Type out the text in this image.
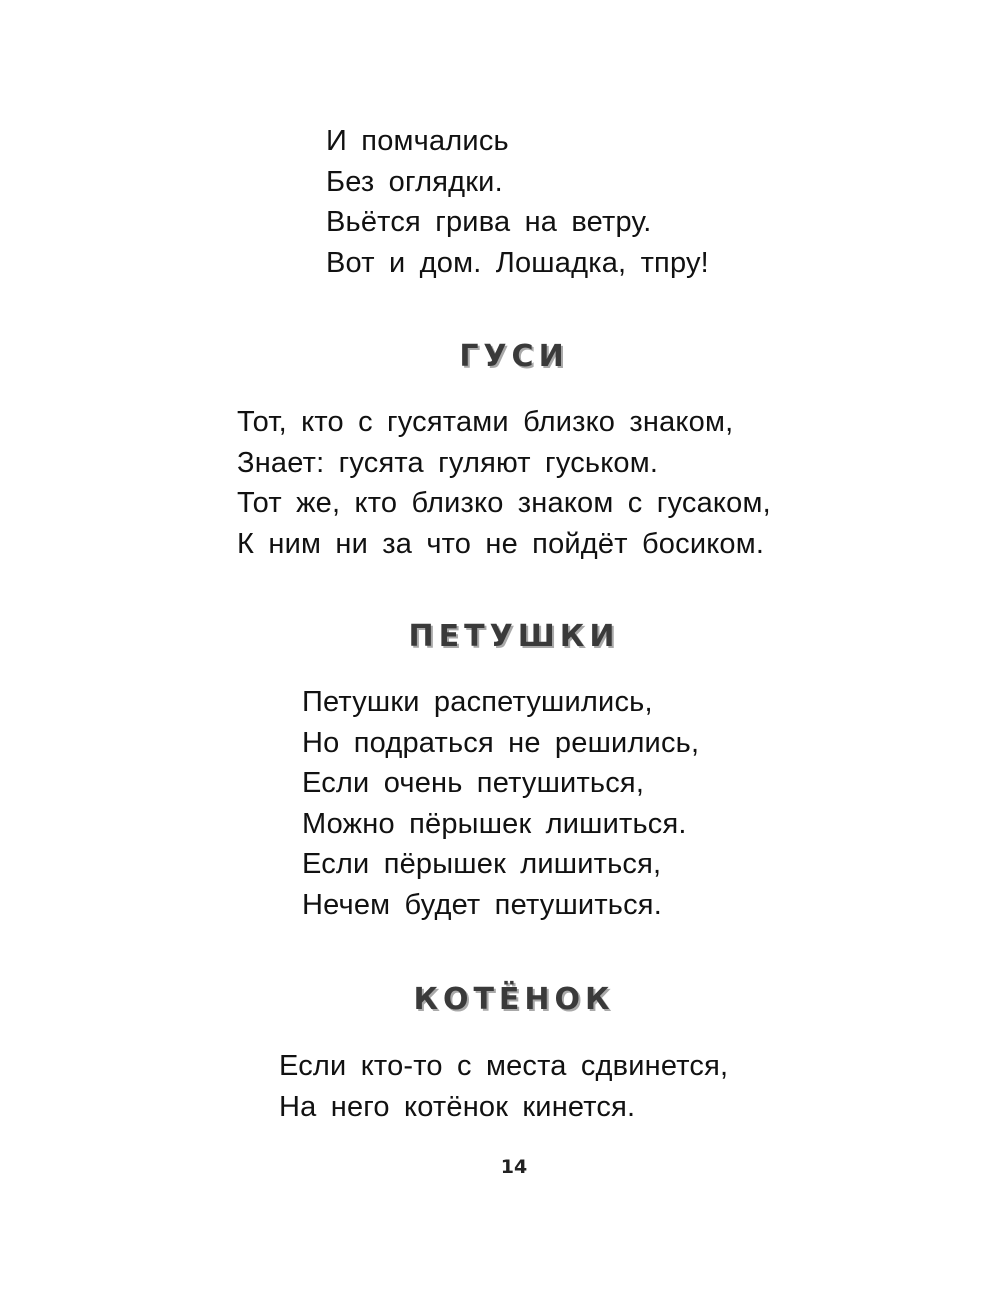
И помчались
Без оглядки.
Вьётся грива на ветру.
Вот и дом. Лошадка, тпру!
ГУСИ
Тот, кто с гусятами близко знаком,
Знает: гусята гуляют гуськом.
Тот же, кто близко знаком с гусаком,
К ним ни за что не пойдёт босиком.
ПЕТУШКИ
Петушки распетушились,
Но подраться не решились,
Если очень петушиться,
Можно пёрышек лишиться.
Если пёрышек лишиться,
Нечем будет петушиться.
КОТЁНОК
Если кто-то с места сдвинется,
На него котёнок кинется.
14
